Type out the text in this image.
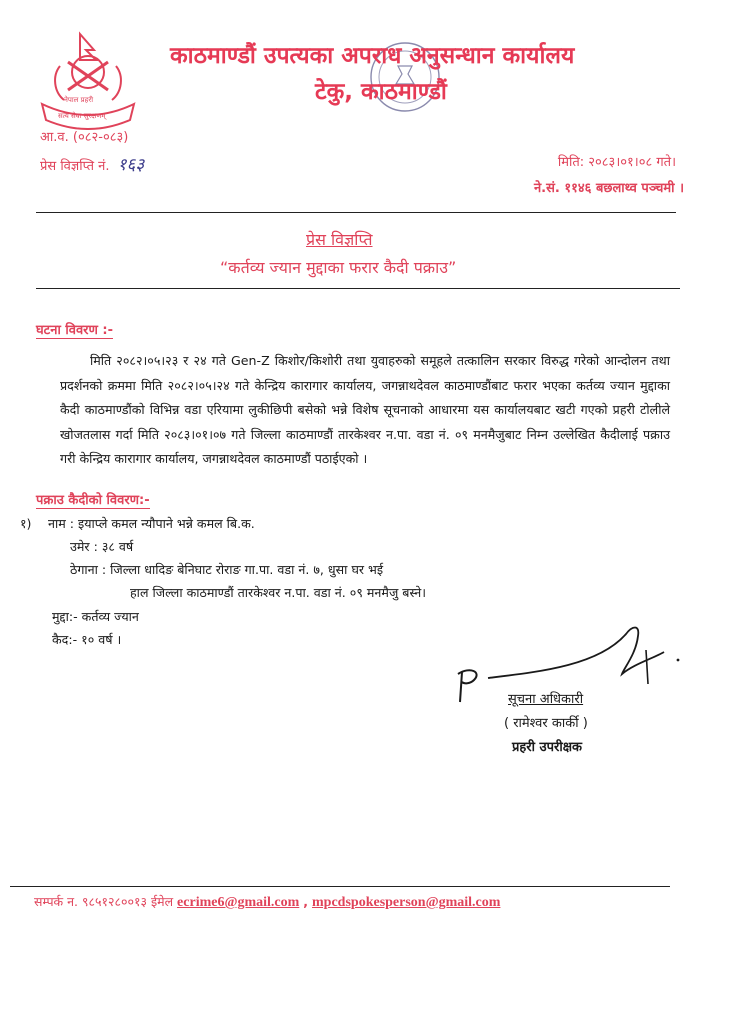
नेपाल प्रहरी
सत्य सेवा सुरक्षणम्
काठमाण्डौं उपत्यका अपराध अनुसन्धान कार्यालय
टेकु, काठमाण्डौं
आ.व. (०८२-०८३)
प्रेस विज्ञप्ति नं. १६३	मिति: २०८३।०१।०८ गते।
ने.सं. ११४६ बछलाथ्व पञ्चमी ।
प्रेस विज्ञप्ति
“कर्तव्य ज्यान मुद्दाका फरार कैदी पक्राउ”
घटना विवरण :-
मिति २०८२।०५।२३ र २४ गते Gen-Z किशोर/किशोरी तथा युवाहरुको समूहले तत्कालिन सरकार विरुद्ध गरेको आन्दोलन तथा प्रदर्शनको क्रममा मिति २०८२।०५।२४ गते केन्द्रिय कारागार कार्यालय, जगन्नाथदेवल काठमाण्डौंबाट फरार भएका कर्तव्य ज्यान मुद्दाका कैदी काठमाण्डौंको विभिन्न वडा एरियामा लुकीछिपी बसेको भन्ने विशेष सूचनाको आधारमा यस कार्यालयबाट खटी गएको प्रहरी टोलीले खोजतलास गर्दा मिति २०८३।०१।०७ गते जिल्ला काठमाण्डौं तारकेश्वर न.पा. वडा नं. ०९ मनमैजुबाट निम्न उल्लेखित कैदीलाई पक्राउ गरी केन्द्रिय कारागार कार्यालय, जगन्नाथदेवल काठमाण्डौं पठाईएको ।
पक्राउ कैदीको विवरण:-
१) नाम : इयाप्ले कमल न्यौपाने भन्ने कमल बि.क.
उमेर : ३८ वर्ष
ठेगाना : जिल्ला धादिङ बेनिघाट रोराङ गा.पा. वडा नं. ७, धुसा घर भई
हाल जिल्ला काठमाण्डौं तारकेश्वर न.पा. वडा नं. ०९ मनमैजु बस्ने।
मुद्दा:- कर्तव्य ज्यान
कैद:- १० वर्ष ।
सूचना अधिकारी
( रामेश्वर कार्की )
प्रहरी उपरीक्षक
सम्पर्क न. ९८५१२८००१३ ईमेल ecrime6@gmail.com , mpcdspokesperson@gmail.com
